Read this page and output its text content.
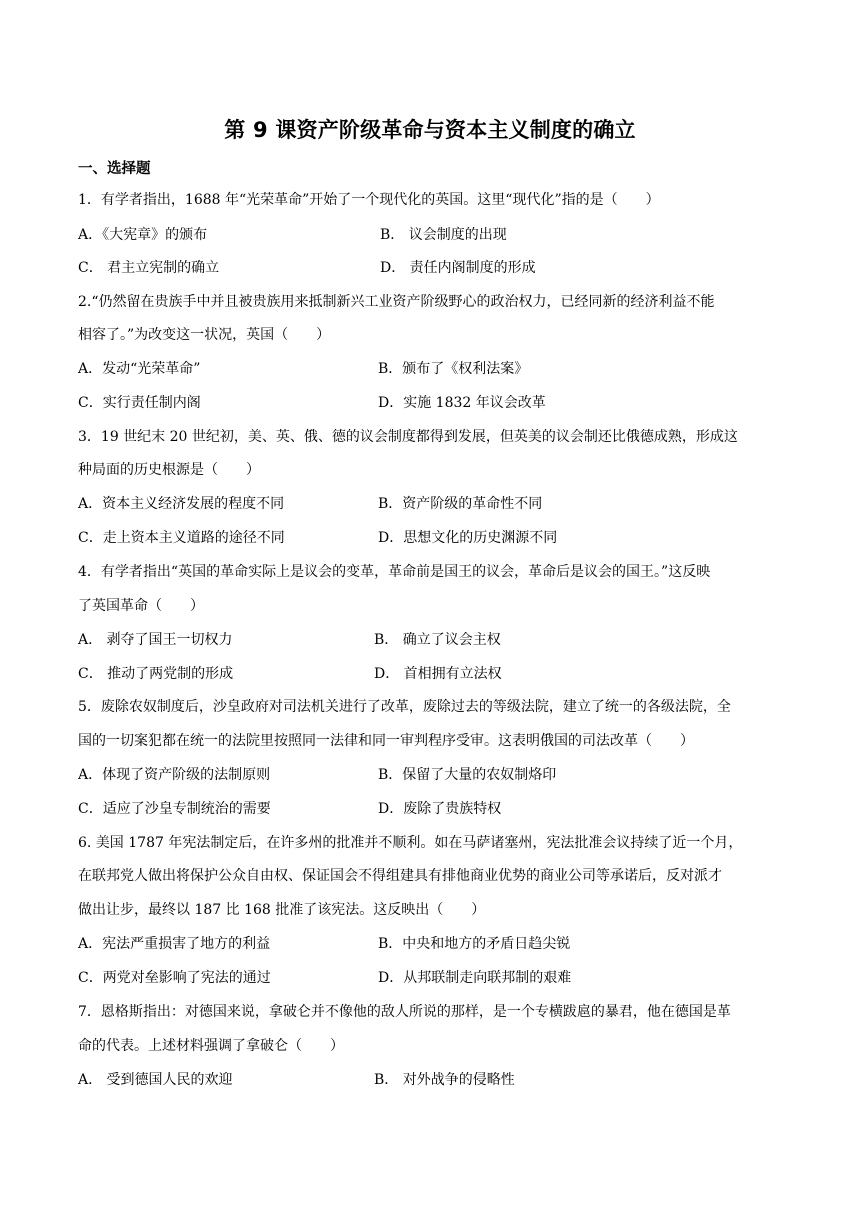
第 9 课资产阶级革命与资本主义制度的确立
一、选择题
1．有学者指出，1688 年“光荣革命”开始了一个现代化的英国。这里“现代化”指的是（　　）
A．《大宪章》的颁布	B． 议会制度的出现
C． 君主立宪制的确立	D． 责任内阁制度的形成
2.“仍然留在贵族手中并且被贵族用来抵制新兴工业资产阶级野心的政治权力，已经同新的经济利益不能
相容了。”为改变这一状况，英国（　　）
A．发动“光荣革命”	B．颁布了《权利法案》
C．实行责任制内阁	D．实施 1832 年议会改革
3．19 世纪末 20 世纪初，美、英、俄、德的议会制度都得到发展，但英美的议会制还比俄德成熟，形成这
种局面的历史根源是（　　）
A．资本主义经济发展的程度不同	B．资产阶级的革命性不同
C．走上资本主义道路的途径不同	D．思想文化的历史渊源不同
4．有学者指出“英国的革命实际上是议会的变革，革命前是国王的议会，革命后是议会的国王。”这反映
了英国革命（　　）
A． 剥夺了国王一切权力	B． 确立了议会主权
C． 推动了两党制的形成	D． 首相拥有立法权
5．废除农奴制度后，沙皇政府对司法机关进行了改革，废除过去的等级法院，建立了统一的各级法院，全
国的一切案犯都在统一的法院里按照同一法律和同一审判程序受审。这表明俄国的司法改革（　　）
A．体现了资产阶级的法制原则	B．保留了大量的农奴制烙印
C．适应了沙皇专制统治的需要	D．废除了贵族特权
6. 美国 1787 年宪法制定后，在许多州的批准并不顺利。如在马萨诸塞州，宪法批准会议持续了近一个月，
在联邦党人做出将保护公众自由权、保证国会不得组建具有排他商业优势的商业公司等承诺后，反对派才
做出让步，最终以 187 比 168 批准了该宪法。这反映出（　　）
A．宪法严重损害了地方的利益	B．中央和地方的矛盾日趋尖锐
C．两党对垒影响了宪法的通过	D．从邦联制走向联邦制的艰难
7．恩格斯指出：对德国来说，拿破仑并不像他的敌人所说的那样，是一个专横跋扈的暴君，他在德国是革
命的代表。上述材料强调了拿破仑（　　）
A． 受到德国人民的欢迎	B． 对外战争的侵略性
